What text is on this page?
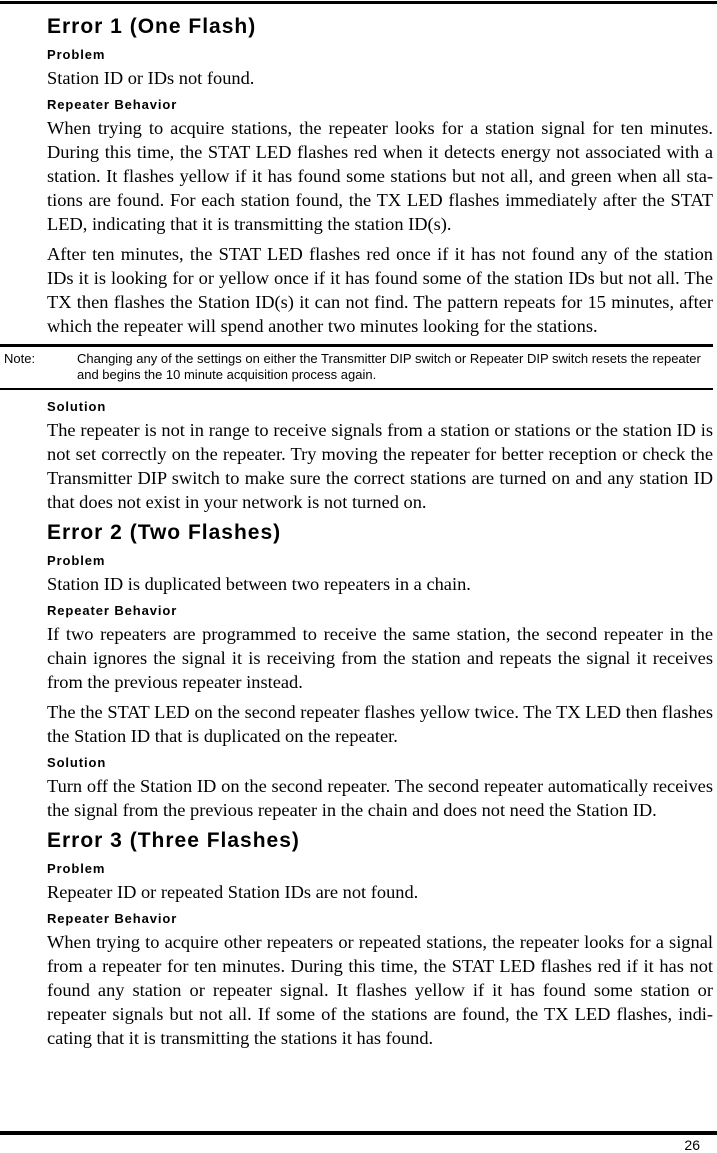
Error 1 (One Flash)
Problem

Station ID or IDs not found.

Repeater Behavior

When trying to acquire stations, the repeater looks for a station signal for ten minutes. During this time, the STAT LED flashes red when it detects energy not associated with a station. It flashes yellow if it has found some stations but not all, and green when all sta-tions are found. For each station found, the TX LED flashes immediately after the STAT LED, indicating that it is transmitting the station ID(s).

After ten minutes, the STAT LED flashes red once if it has not found any of the station IDs it is looking for or yellow once if it has found some of the station IDs but not all. The TX then flashes the Station ID(s) it can not find. The pattern repeats for 15 minutes, after which the repeater will spend another two minutes looking for the stations.

Note:	Changing any of the settings on either the Transmitter DIP switch or Repeater DIP switch resets the repeater and begins the 10 minute acquisition process again.
Solution

The repeater is not in range to receive signals from a station or stations or the station ID is not set correctly on the repeater. Try moving the repeater for better reception or check the Transmitter DIP switch to make sure the correct stations are turned on and any station ID that does not exist in your network is not turned on.

Error 2 (Two Flashes)
Problem

Station ID is duplicated between two repeaters in a chain.

Repeater Behavior

If two repeaters are programmed to receive the same station, the second repeater in the chain ignores the signal it is receiving from the station and repeats the signal it receives from the previous repeater instead.

The the STAT LED on the second repeater flashes yellow twice. The TX LED then flashes the Station ID that is duplicated on the repeater.

Solution

Turn off the Station ID on the second repeater. The second repeater automatically receives the signal from the previous repeater in the chain and does not need the Station ID.

Error 3 (Three Flashes)
Problem

Repeater ID or repeated Station IDs are not found.

Repeater Behavior

When trying to acquire other repeaters or repeated stations, the repeater looks for a signal from a repeater for ten minutes. During this time, the STAT LED flashes red if it has not found any station or repeater signal. It flashes yellow if it has found some station or repeater signals but not all. If some of the stations are found, the TX LED flashes, indi-cating that it is transmitting the stations it has found.

26
